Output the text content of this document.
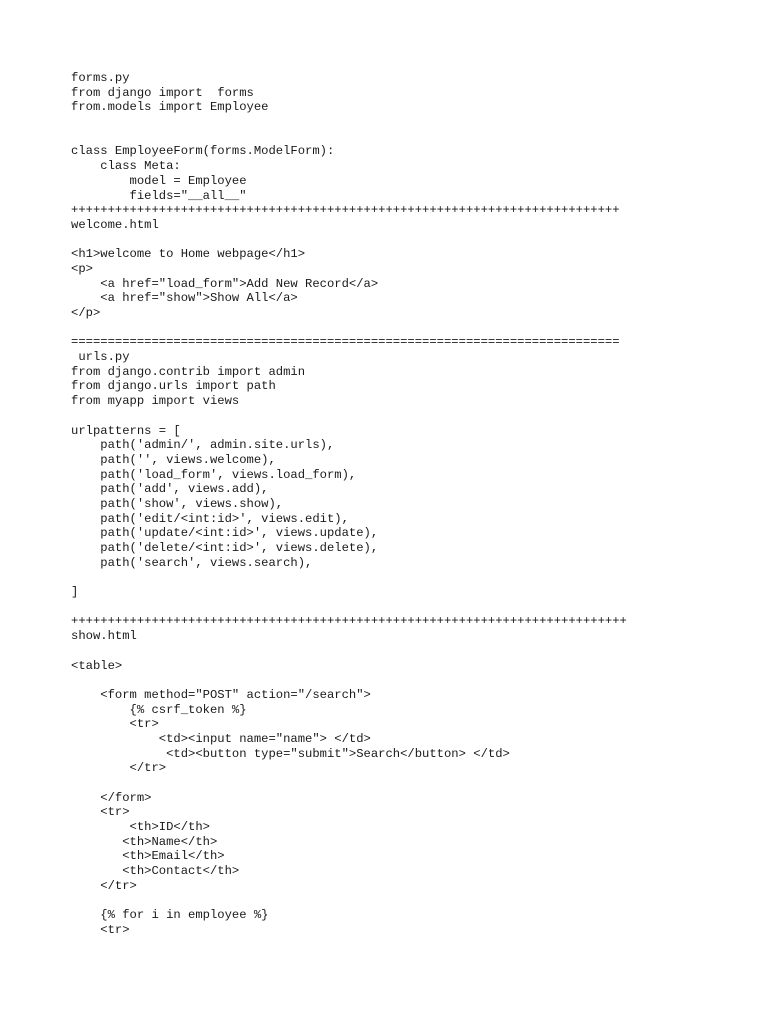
forms.py
from django import  forms
from.models import Employee
class EmployeeForm(forms.ModelForm):
class Meta:
model = Employee
fields="__all__"
+++++++++++++++++++++++++++++++++++++++++++++++++++++++++++++++++++++++++++
welcome.html
<h1>welcome to Home webpage</h1>
<p>
<a href="load_form">Add New Record</a>
<a href="show">Show All</a>
</p>
===========================================================================
urls.py
from django.contrib import admin
from django.urls import path
from myapp import views
urlpatterns = [
path('admin/', admin.site.urls),
path('', views.welcome),
path('load_form', views.load_form),
path('add', views.add),
path('show', views.show),
path('edit/<int:id>', views.edit),
path('update/<int:id>', views.update),
path('delete/<int:id>', views.delete),
path('search', views.search),
]
++++++++++++++++++++++++++++++++++++++++++++++++++++++++++++++++++++++++++++
show.html
<table>
<form method="POST" action="/search">
{% csrf_token %}
<tr>
<td><input name="name"> </td>
<td><button type="submit">Search</button> </td>
</tr>
</form>
<tr>
<th>ID</th>
<th>Name</th>
<th>Email</th>
<th>Contact</th>
</tr>
{% for i in employee %}
<tr>
